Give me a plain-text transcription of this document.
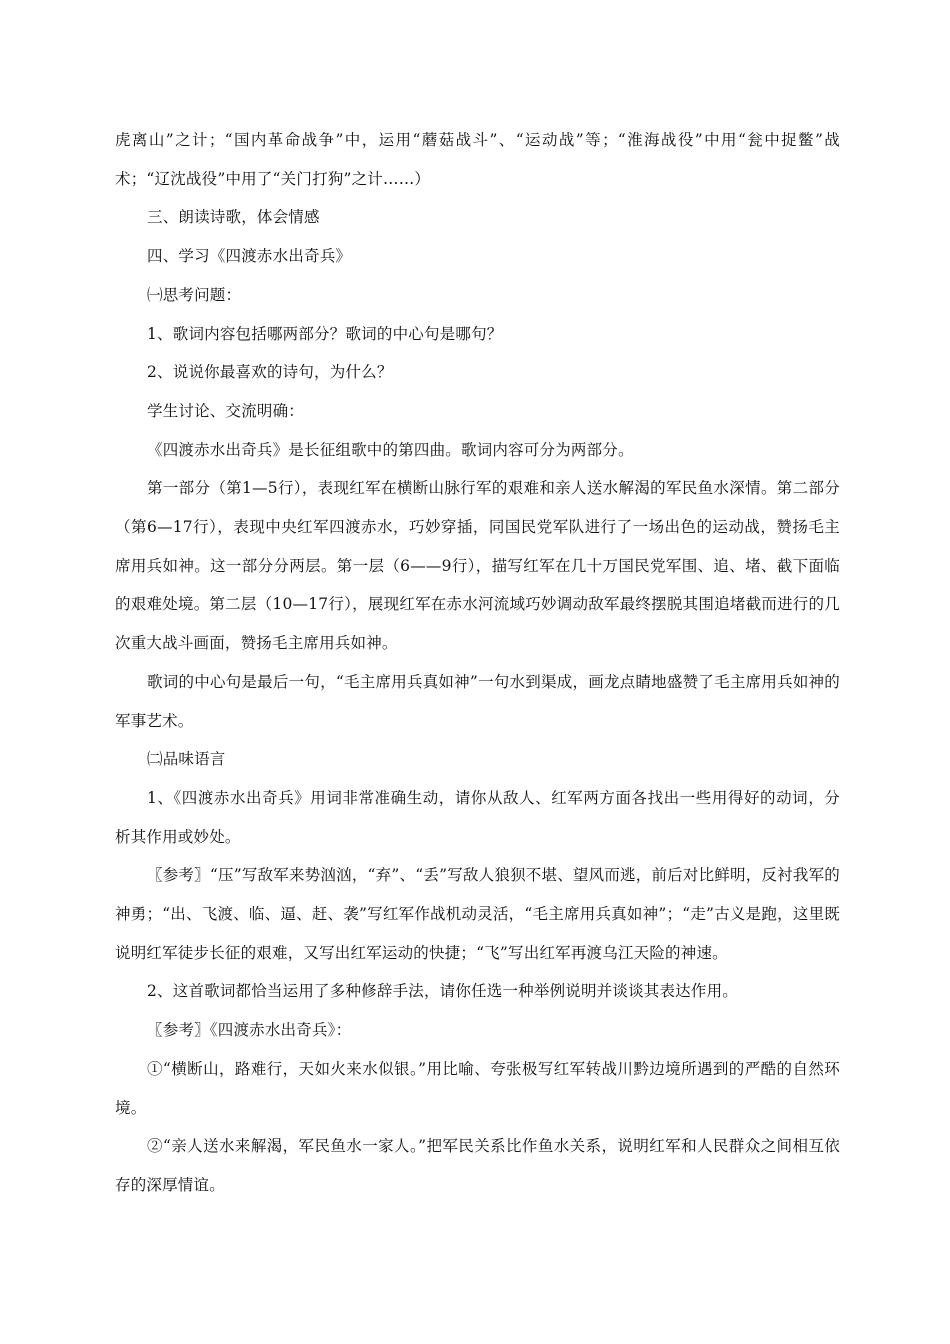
虎离山”之计；“国内革命战争”中，运用“蘑菇战斗”、“运动战”等；“淮海战役”中用“瓮中捉鳖”战术；“辽沈战役”中用了“关门打狗”之计……）

三、朗读诗歌，体会情感

四、学习《四渡赤水出奇兵》

㈠思考问题：

1、歌词内容包括哪两部分？歌词的中心句是哪句？

2、说说你最喜欢的诗句，为什么？

学生讨论、交流明确：

《四渡赤水出奇兵》是长征组歌中的第四曲。歌词内容可分为两部分。

第一部分（第1—5行），表现红军在横断山脉行军的艰难和亲人送水解渴的军民鱼水深情。第二部分（第6—17行），表现中央红军四渡赤水，巧妙穿插，同国民党军队进行了一场出色的运动战，赞扬毛主席用兵如神。这一部分分两层。第一层（6——9行），描写红军在几十万国民党军围、追、堵、截下面临的艰难处境。第二层（10—17行），展现红军在赤水河流域巧妙调动敌军最终摆脱其围追堵截而进行的几次重大战斗画面，赞扬毛主席用兵如神。

歌词的中心句是最后一句，“毛主席用兵真如神”一句水到渠成，画龙点睛地盛赞了毛主席用兵如神的军事艺术。

㈡品味语言

1、《四渡赤水出奇兵》用词非常准确生动，请你从敌人、红军两方面各找出一些用得好的动词，分析其作用或妙处。

〖参考〗“压”写敌军来势汹汹，“弃”、“丢”写敌人狼狈不堪、望风而逃，前后对比鲜明，反衬我军的神勇；“出、飞渡、临、逼、赶、袭”写红军作战机动灵活，“毛主席用兵真如神”；“走”古义是跑，这里既说明红军徒步长征的艰难，又写出红军运动的快捷；“飞”写出红军再渡乌江天险的神速。

2、这首歌词都恰当运用了多种修辞手法，请你任选一种举例说明并谈谈其表达作用。

〖参考〗《四渡赤水出奇兵》：

①“横断山，路难行，天如火来水似银。”用比喻、夸张极写红军转战川黔边境所遇到的严酷的自然环境。

②“亲人送水来解渴，军民鱼水一家人。”把军民关系比作鱼水关系，说明红军和人民群众之间相互依存的深厚情谊。
